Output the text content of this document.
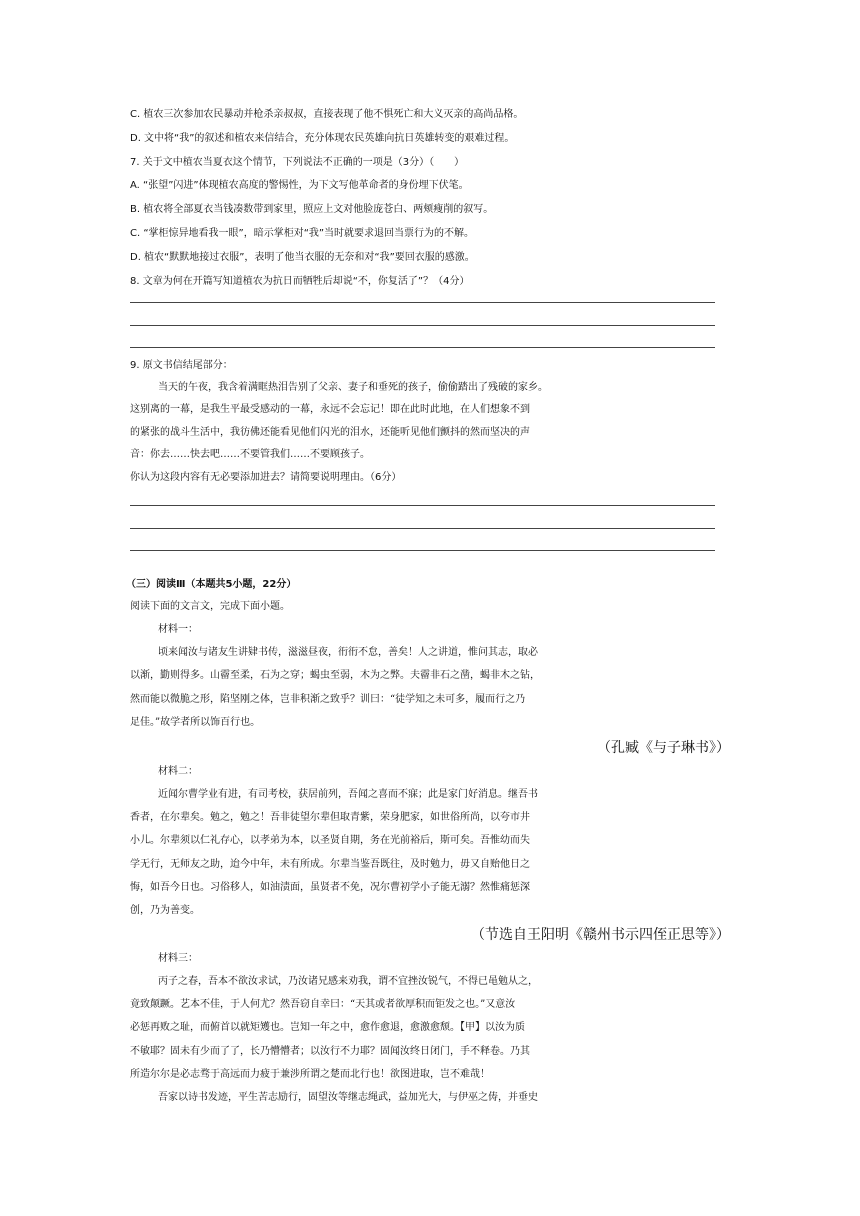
C. 植农三次参加农民暴动并枪杀亲叔叔，直接表现了他不惧死亡和大义灭亲的高尚品格。
D. 文中将“我”的叙述和植农来信结合，充分体现农民英雄向抗日英雄转变的艰难过程。
7. 关于文中植农当夏衣这个情节，下列说法不正确的一项是（3分）（　　）
A. “张望”闪进”体现植农高度的警惕性，为下文写他革命者的身份埋下伏笔。
B. 植农将全部夏衣当钱凑数带到家里，照应上文对他脸庞苍白、两颊瘦削的叙写。
C. “掌柜惊异地看我一眼”，暗示掌柜对“我”当时就要求退回当票行为的不解。
D. 植农“默默地接过衣服”，表明了他当衣服的无奈和对“我”要回衣服的感激。
8. 文章为何在开篇写知道植农为抗日而牺牲后却说“不，你复活了”？（4分）
9. 原文书信结尾部分：
当天的午夜，我含着满眶热泪告别了父亲、妻子和垂死的孩子，偷偷踏出了残破的家乡。
这别离的一幕，是我生平最受感动的一幕，永远不会忘记！即在此时此地，在人们想象不到
的紧张的战斗生活中，我彷佛还能看见他们闪光的泪水，还能听见他们颤抖的然而坚决的声
音：你去……快去吧……不要管我们……不要顾孩子。
你认为这段内容有无必要添加进去？请简要说明理由。（6分）
（三）阅读Ⅲ（本题共5小题，22分）
阅读下面的文言文，完成下面小题。
材料一：
顷来闻汝与诸友生讲肄书传，滋滋昼夜，衎衎不怠，善矣！人之讲道，惟问其志，取必
以渐，勤则得多。山霤至柔，石为之穿；蝎虫至弱，木为之弊。夫霤非石之凿，蝎非木之钻，
然而能以微脆之形，陷坚刚之体，岂非积渐之致乎？训曰：“徒学知之未可多，履而行之乃
足佳。”故学者所以饰百行也。
（孔臧《与子琳书》）
材料二：
近闻尔曹学业有进，有司考校，获居前列，吾闻之喜而不寐；此是家门好消息。继吾书
香者，在尔辈矣。勉之，勉之！吾非徒望尔辈但取青紫，荣身肥家，如世俗所尚，以夸市井
小儿。尔辈须以仁礼存心，以孝弟为本，以圣贤自期，务在光前裕后，斯可矣。吾惟幼而失
学无行，无师友之助，迨今中年，未有所成。尔辈当鉴吾既往，及时勉力，毋又自贻他日之
悔，如吾今日也。习俗移人，如油渍面，虽贤者不免，况尔曹初学小子能无溺？然惟痛惩深
创，乃为善变。
（节选自王阳明《赣州书示四侄正思等》）
材料三：
丙子之春，吾本不欲汝求试，乃汝诸兄感来劝我，谓不宜挫汝锐气，不得已黾勉从之，
竟致颠蹶。艺本不佳，于人何尤？然吾窃自幸曰：“天其或者欲厚积而钜发之也。”又意汝
必惩再败之耻，而俯首以就矩矱也。岂知一年之中，愈作愈退，愈激愈颓。【甲】以汝为质
不敏耶？固未有少而了了，长乃懵懵者；以汝行不力耶？固闻汝终日闭门，手不释卷。乃其
所造尔尔是必志骛于高远而力疲于兼涉所谓之楚而北行也！欲图进取，岂不难哉！
吾家以诗书发迹，平生苦志励行，固望汝等继志绳武，益加光大，与伊巫之俦，并垂史
